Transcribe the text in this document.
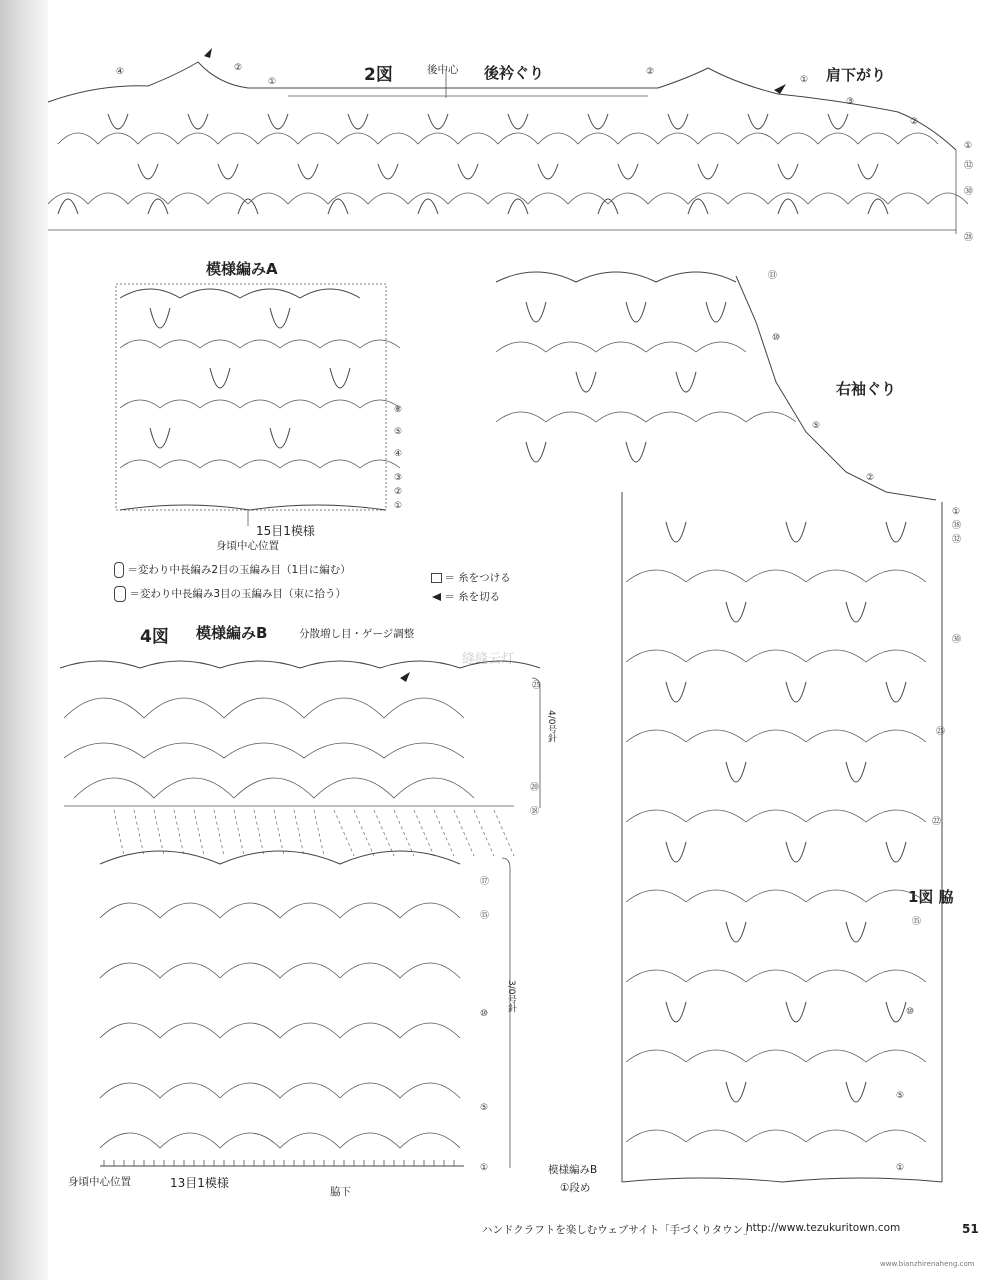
2図	後中心 後衿ぐり	肩下がり
④	②
①
②
①
③
②
①
㉜
㉚
㉘
模様編みA
⑥
⑤
④
③
②
①
15目1模様
身頃中心位置
＝変わり中長編み2目の玉編み目（1目に編む）
＝変わり中長編み3目の玉編み目（束に拾う）
＝ 糸をつける
＝ 糸を切る
4図 模様編みB	分散増し目・ゲージ調整
缝缝云灯
㉕
⑳
⑱
⑰
⑮
⑩
⑤
①
4/0号針
3/0号針
身頃中心位置	13目1模様
脇下
右袖ぐり
1図 脇
⑬
⑩
⑤
②
①
㊳
㉜
㉚
㉕
㉒
⑮
⑩
⑤
①
模様編みB
①段め
ハンドクラフトを楽しむウェブサイト「手づくりタウン」
http://www.tezukuritown.com	51
www.bianzhirenaheng.com
